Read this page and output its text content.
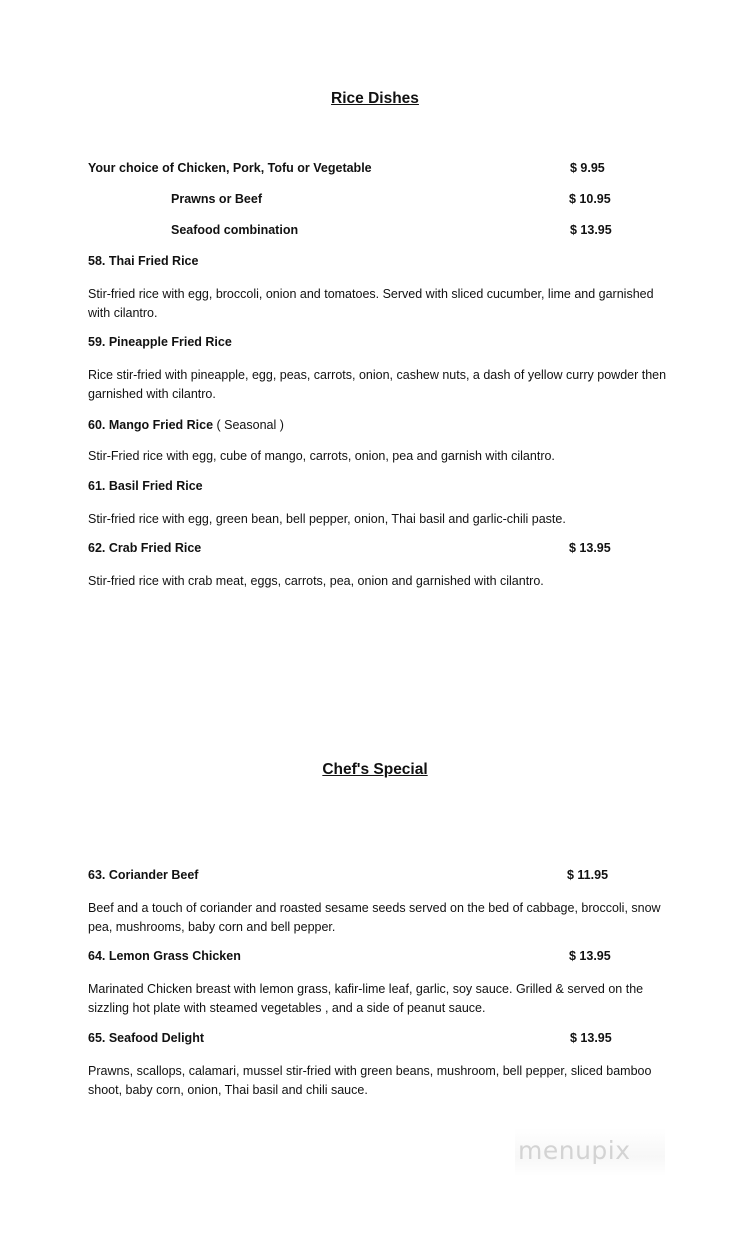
Rice Dishes
Your choice of Chicken, Pork, Tofu or Vegetable	$ 9.95
Prawns or Beef	$ 10.95
Seafood combination	$ 13.95
58. Thai Fried Rice
Stir-fried rice with egg, broccoli, onion and tomatoes. Served with sliced cucumber, lime and garnished with cilantro.
59. Pineapple Fried Rice
Rice stir-fried with pineapple, egg, peas, carrots, onion, cashew nuts, a dash of yellow curry powder then garnished with cilantro.
60. Mango Fried Rice ( Seasonal )
Stir-Fried rice with egg, cube of mango, carrots, onion, pea and garnish with cilantro.
61. Basil Fried Rice
Stir-fried rice with egg, green bean, bell pepper, onion, Thai basil and garlic-chili paste.
62. Crab Fried Rice	$ 13.95
Stir-fried rice with crab meat, eggs, carrots, pea, onion and garnished with cilantro.
Chef's Special
63. Coriander Beef	$ 11.95
Beef and a touch of coriander and roasted sesame seeds served on the bed of cabbage, broccoli, snow pea, mushrooms, baby corn and bell pepper.
64. Lemon Grass Chicken	$ 13.95
Marinated Chicken breast with lemon grass, kafir-lime leaf, garlic, soy sauce. Grilled & served on the sizzling hot plate with steamed vegetables , and a side of peanut sauce.
65. Seafood Delight	$ 13.95
Prawns, scallops, calamari, mussel stir-fried with green beans, mushroom, bell pepper, sliced bamboo shoot, baby corn, onion, Thai basil and chili sauce.
menupix
